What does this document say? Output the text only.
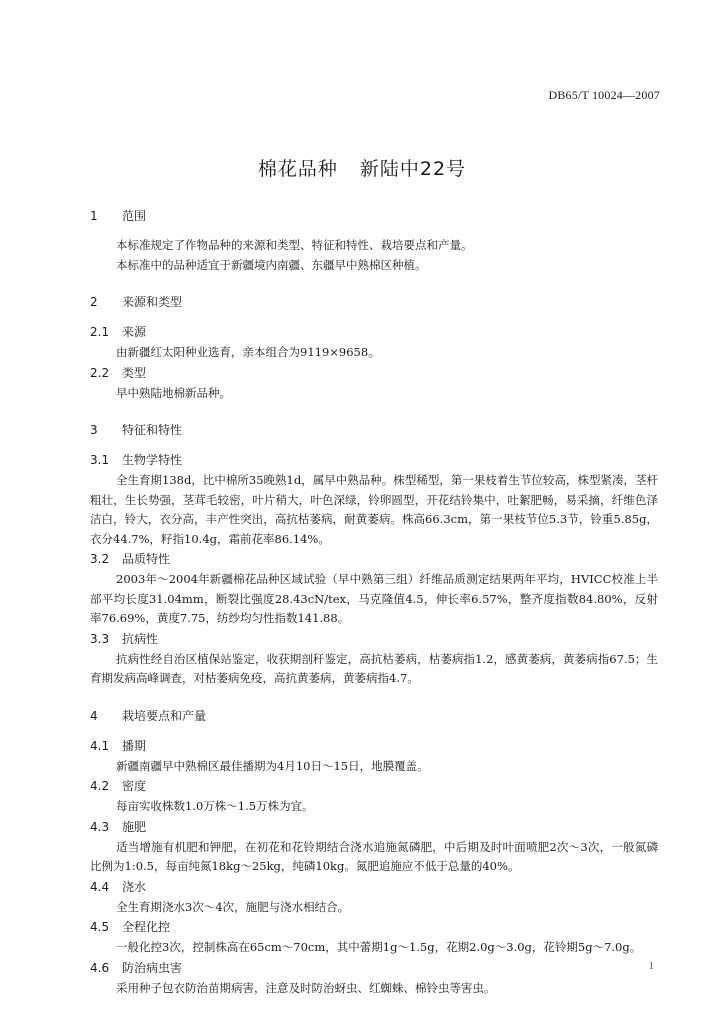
DB65/T 10024—2007
棉花品种 新陆中22号
1 范围

本标准规定了作物品种的来源和类型、特征和特性、栽培要点和产量。

本标准中的品种适宜于新疆境内南疆、东疆早中熟棉区种植。

2 来源和类型
2.1 来源

由新疆红太阳种业选育，亲本组合为9119×9658。

2.2 类型

早中熟陆地棉新品种。

3 特征和特性
3.1 生物学特性

全生育期138d，比中棉所35晚熟1d，属早中熟品种。株型稀型，第一果枝着生节位较高，株型紧凑，茎杆粗壮，生长势强，茎茸毛较密，叶片稍大，叶色深绿，铃卵圆型，开花结铃集中，吐絮肥畅，易采摘，纤维色泽洁白，铃大，衣分高，丰产性突出，高抗枯萎病，耐黄萎病。株高66.3cm，第一果枝节位5.3节，铃重5.85g，衣分44.7%，籽指10.4g，霜前花率86.14%。

3.2 品质特性

2003年～2004年新疆棉花品种区域试验（早中熟第三组）纤维品质测定结果两年平均，HVICC校准上半部平均长度31.04mm，断裂比强度28.43cN/tex，马克隆值4.5，伸长率6.57%，整齐度指数84.80%，反射率76.69%，黄度7.75，纺纱均匀性指数141.88。

3.3 抗病性

抗病性经自治区植保站鉴定，收获期剖秆鉴定，高抗枯萎病，枯萎病指1.2，感黄萎病，黄萎病指67.5；生育期发病高峰调查，对枯萎病免疫，高抗黄萎病，黄萎病指4.7。

4 栽培要点和产量
4.1 播期

新疆南疆早中熟棉区最佳播期为4月10日～15日，地膜覆盖。

4.2 密度

每亩实收株数1.0万株～1.5万株为宜。

4.3 施肥

适当增施有机肥和钾肥，在初花和花铃期结合浇水追施氮磷肥，中后期及时叶面喷肥2次～3次，一般氮磷比例为1:0.5，每亩纯氮18kg～25kg，纯磷10kg。氮肥追施应不低于总量的40%。

4.4 浇水

全生育期浇水3次～4次，施肥与浇水相结合。

4.5 全程化控

一般化控3次，控制株高在65cm～70cm，其中蕾期1g～1.5g，花期2.0g～3.0g，花铃期5g～7.0g。

4.6 防治病虫害

采用种子包衣防治苗期病害，注意及时防治蚜虫、红蜘蛛、棉铃虫等害虫。

1
